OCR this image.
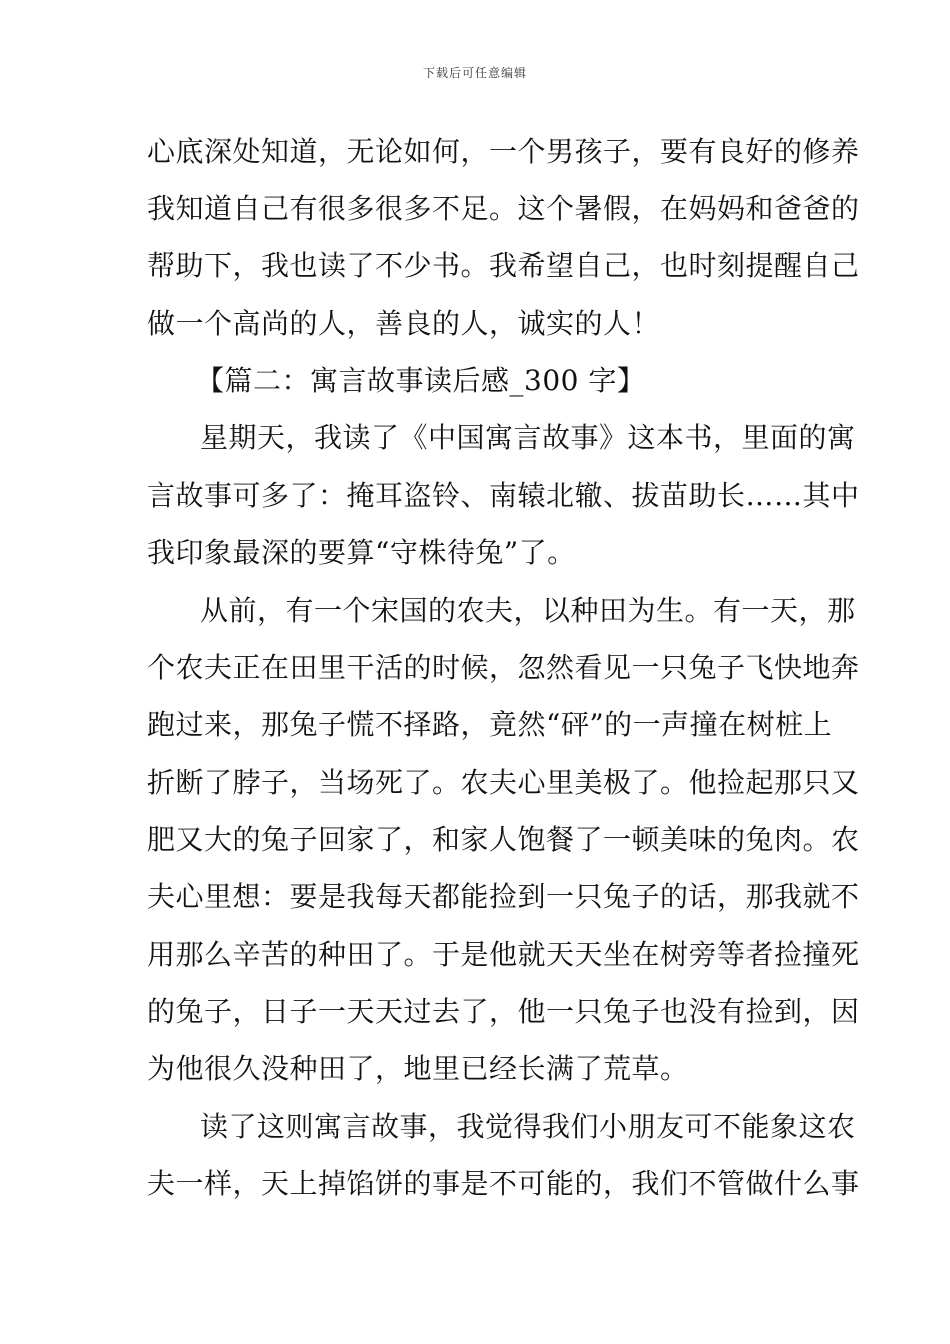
下载后可任意编辑
心底深处知道，无论如何，一个男孩子，要有良好的修养
我知道自己有很多很多不足。这个暑假，在妈妈和爸爸的
帮助下，我也读了不少书。我希望自己，也时刻提醒自己
做一个高尚的人，善良的人，诚实的人！
【篇二：寓言故事读后感_300 字】
星期天，我读了《中国寓言故事》这本书，里面的寓
言故事可多了：掩耳盗铃、南辕北辙、拔苗助长……其中
我印象最深的要算“守株待兔”了。
从前，有一个宋国的农夫，以种田为生。有一天，那
个农夫正在田里干活的时候，忽然看见一只兔子飞快地奔
跑过来，那兔子慌不择路，竟然“砰”的一声撞在树桩上
折断了脖子，当场死了。农夫心里美极了。他捡起那只又
肥又大的兔子回家了，和家人饱餐了一顿美味的兔肉。农
夫心里想：要是我每天都能捡到一只兔子的话，那我就不
用那么辛苦的种田了。于是他就天天坐在树旁等者捡撞死
的兔子，日子一天天过去了，他一只兔子也没有捡到，因
为他很久没种田了，地里已经长满了荒草。
读了这则寓言故事，我觉得我们小朋友可不能象这农
夫一样，天上掉馅饼的事是不可能的，我们不管做什么事
